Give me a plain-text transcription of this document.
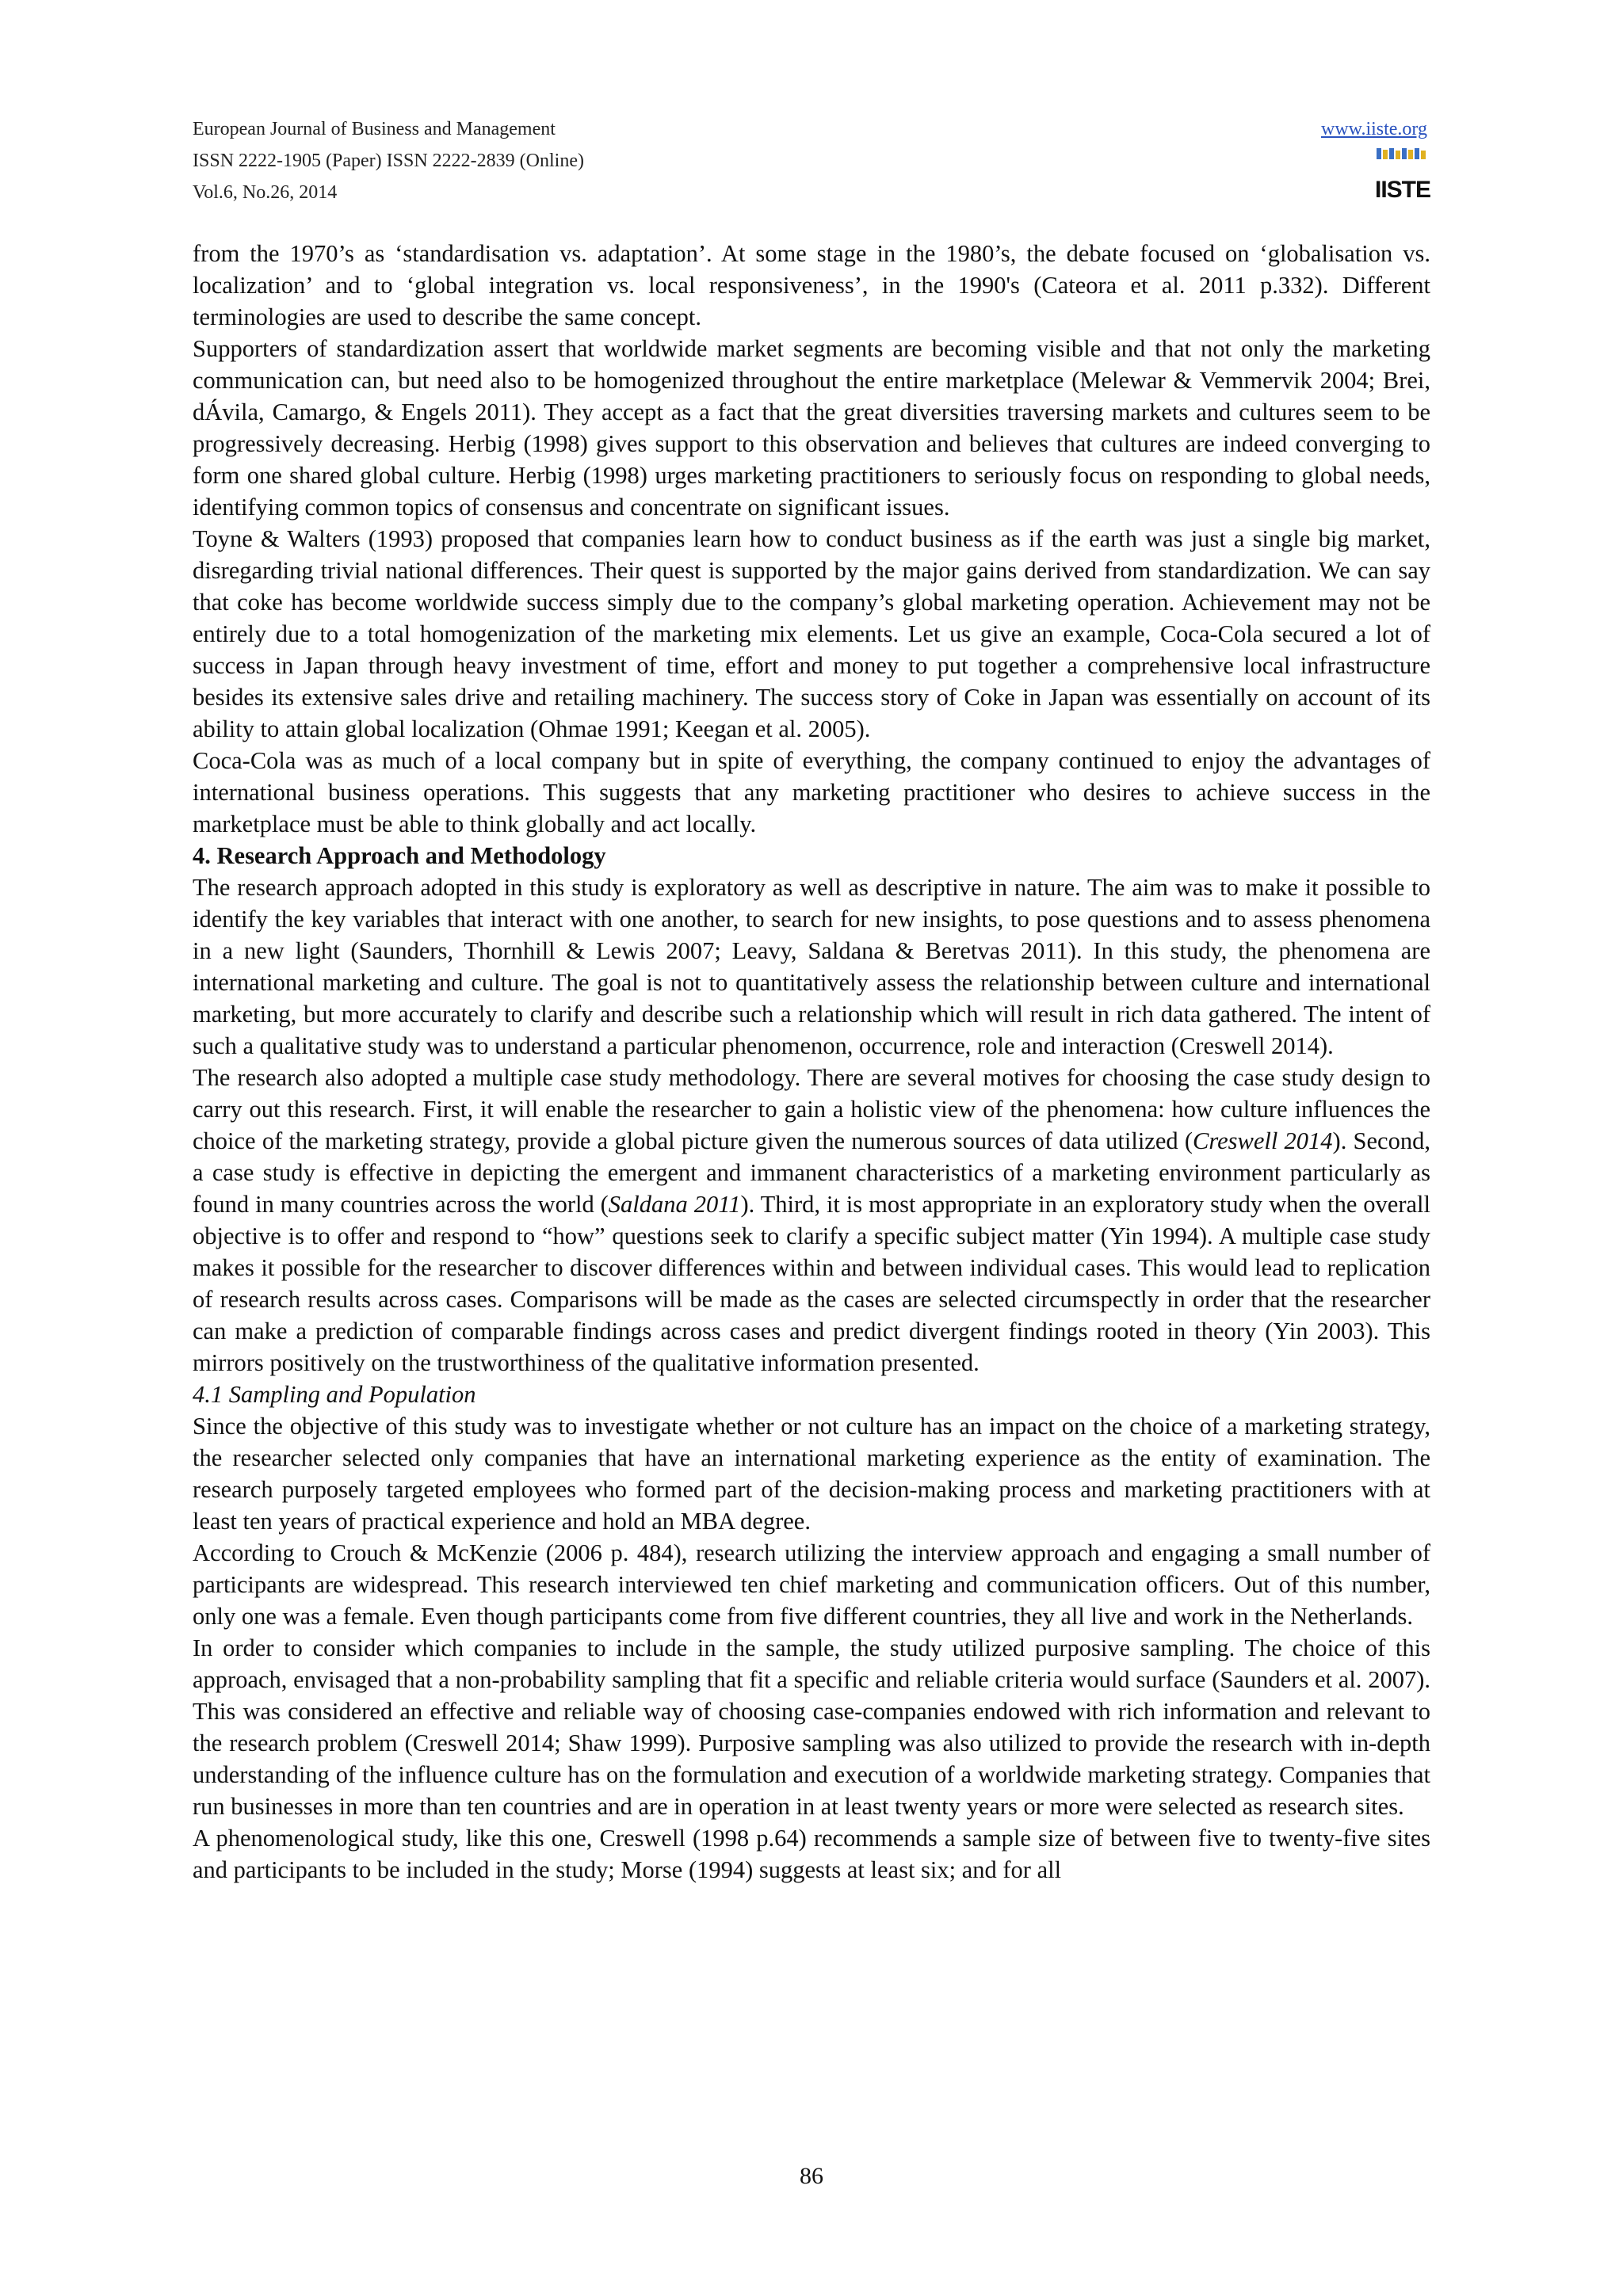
European Journal of Business and Management
ISSN 2222-1905 (Paper) ISSN 2222-2839 (Online)
Vol.6, No.26, 2014
www.iiste.org
IISTE

from the 1970’s as ‘standardisation vs. adaptation’. At some stage in the 1980’s, the debate focused on ‘globalisation vs. localization’ and to ‘global integration vs. local responsiveness’, in the 1990's (Cateora et al. 2011 p.332). Different terminologies are used to describe the same concept.

Supporters of standardization assert that worldwide market segments are becoming visible and that not only the marketing communication can, but need also to be homogenized throughout the entire marketplace (Melewar & Vemmervik 2004; Brei, dÁvila, Camargo, & Engels 2011). They accept as a fact that the great diversities traversing markets and cultures seem to be progressively decreasing. Herbig (1998) gives support to this observation and believes that cultures are indeed converging to form one shared global culture. Herbig (1998) urges marketing practitioners to seriously focus on responding to global needs, identifying common topics of consensus and concentrate on significant issues.

Toyne & Walters (1993) proposed that companies learn how to conduct business as if the earth was just a single big market, disregarding trivial national differences. Their quest is supported by the major gains derived from standardization. We can say that coke has become worldwide success simply due to the company’s global marketing operation. Achievement may not be entirely due to a total homogenization of the marketing mix elements. Let us give an example, Coca-Cola secured a lot of success in Japan through heavy investment of time, effort and money to put together a comprehensive local infrastructure besides its extensive sales drive and retailing machinery. The success story of Coke in Japan was essentially on account of its ability to attain global localization (Ohmae 1991; Keegan et al. 2005).

Coca-Cola was as much of a local company but in spite of everything, the company continued to enjoy the advantages of international business operations. This suggests that any marketing practitioner who desires to achieve success in the marketplace must be able to think globally and act locally.

4. Research Approach and Methodology

The research approach adopted in this study is exploratory as well as descriptive in nature. The aim was to make it possible to identify the key variables that interact with one another, to search for new insights, to pose questions and to assess phenomena in a new light (Saunders, Thornhill & Lewis 2007; Leavy, Saldana & Beretvas 2011). In this study, the phenomena are international marketing and culture. The goal is not to quantitatively assess the relationship between culture and international marketing, but more accurately to clarify and describe such a relationship which will result in rich data gathered. The intent of such a qualitative study was to understand a particular phenomenon, occurrence, role and interaction (Creswell 2014).

The research also adopted a multiple case study methodology. There are several motives for choosing the case study design to carry out this research. First, it will enable the researcher to gain a holistic view of the phenomena: how culture influences the choice of the marketing strategy, provide a global picture given the numerous sources of data utilized (Creswell 2014). Second, a case study is effective in depicting the emergent and immanent characteristics of a marketing environment particularly as found in many countries across the world (Saldana 2011). Third, it is most appropriate in an exploratory study when the overall objective is to offer and respond to “how” questions seek to clarify a specific subject matter (Yin 1994). A multiple case study makes it possible for the researcher to discover differences within and between individual cases. This would lead to replication of research results across cases. Comparisons will be made as the cases are selected circumspectly in order that the researcher can make a prediction of comparable findings across cases and predict divergent findings rooted in theory (Yin 2003). This mirrors positively on the trustworthiness of the qualitative information presented.

4.1 Sampling and Population

Since the objective of this study was to investigate whether or not culture has an impact on the choice of a marketing strategy, the researcher selected only companies that have an international marketing experience as the entity of examination. The research purposely targeted employees who formed part of the decision-making process and marketing practitioners with at least ten years of practical experience and hold an MBA degree.

According to Crouch & McKenzie (2006 p. 484), research utilizing the interview approach and engaging a small number of participants are widespread. This research interviewed ten chief marketing and communication officers. Out of this number, only one was a female. Even though participants come from five different countries, they all live and work in the Netherlands.

In order to consider which companies to include in the sample, the study utilized purposive sampling. The choice of this approach, envisaged that a non-probability sampling that fit a specific and reliable criteria would surface (Saunders et al. 2007). This was considered an effective and reliable way of choosing case-companies endowed with rich information and relevant to the research problem (Creswell 2014; Shaw 1999). Purposive sampling was also utilized to provide the research with in-depth understanding of the influence culture has on the formulation and execution of a worldwide marketing strategy. Companies that run businesses in more than ten countries and are in operation in at least twenty years or more were selected as research sites.

A phenomenological study, like this one, Creswell (1998 p.64) recommends a sample size of between five to twenty-five sites and participants to be included in the study; Morse (1994) suggests at least six; and for all

86
